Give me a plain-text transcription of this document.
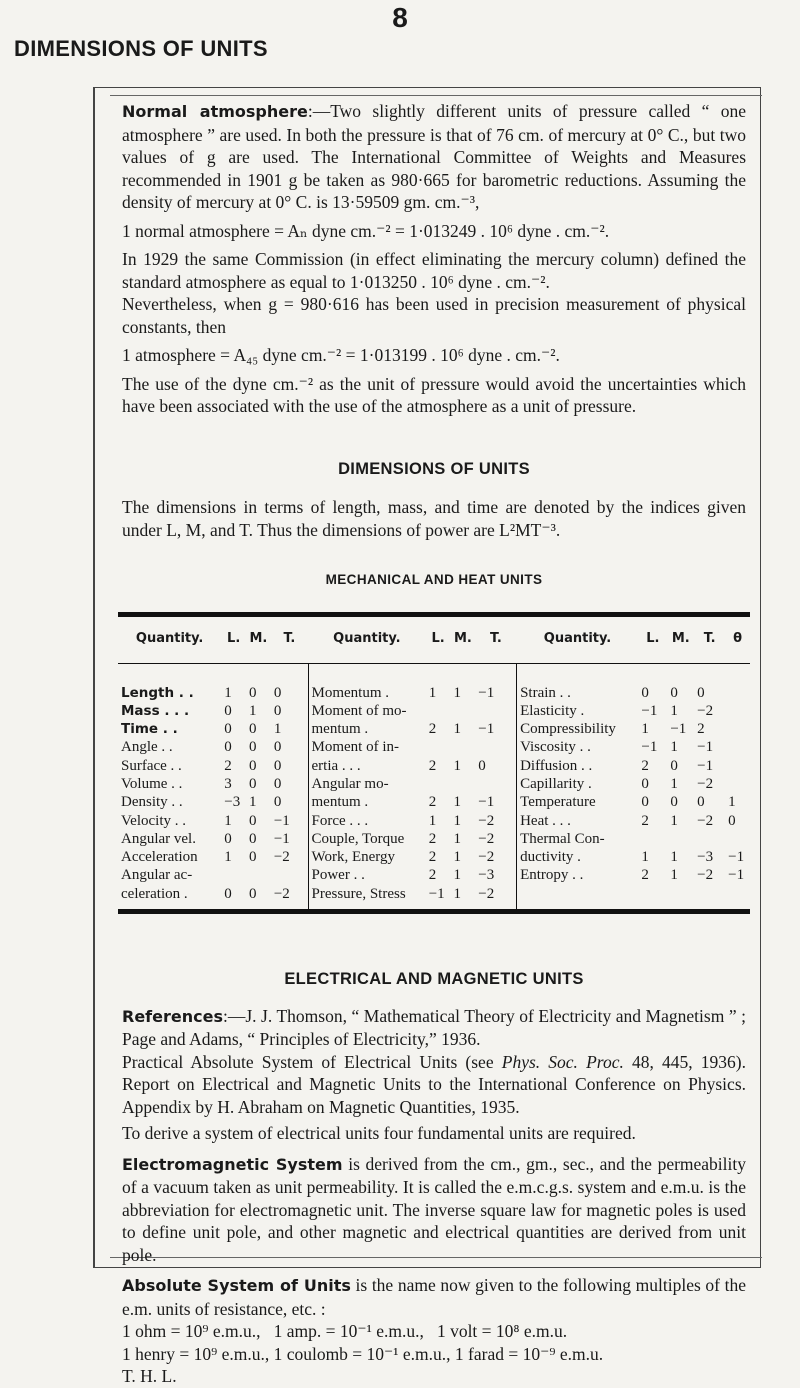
8
DIMENSIONS OF UNITS

Normal atmosphere:—Two slightly different units of pressure called “ one atmosphere ” are used. In both the pressure is that of 76 cm. of mercury at 0° C., but two values of g are used. The International Committee of Weights and Measures recommended in 1901 g be taken as 980·665 for barometric reductions. Assuming the density of mercury at 0° C. is 13·59509 gm. cm.⁻³,

1 normal atmosphere = Aₙ dyne cm.⁻² = 1·013249 . 10⁶ dyne . cm.⁻².

In 1929 the same Commission (in effect eliminating the mercury column) defined the standard atmosphere as equal to 1·013250 . 10⁶ dyne . cm.⁻².

Nevertheless, when g = 980·616 has been used in precision measurement of physical constants, then

1 atmosphere = A₄₅ dyne cm.⁻² = 1·013199 . 10⁶ dyne . cm.⁻².

The use of the dyne cm.⁻² as the unit of pressure would avoid the uncertainties which have been associated with the use of the atmosphere as a unit of pressure.

DIMENSIONS OF UNITS

The dimensions in terms of length, mass, and time are denoted by the indices given under L, M, and T. Thus the dimensions of power are L²MT⁻³.

MECHANICAL AND HEAT UNITS
Quantity.	L.	M.	T.	Quantity.	L.	M.	T.	Quantity.	L.	M.	T.	θ
Length . .	1	0	0	Momentum .	1	1	−1	Strain . .	0	0	0	
Mass . . .	0	1	0	Moment of mo-				Elasticity .	−1	1	−2	
Time . .	0	0	1	mentum .	2	1	−1	Compressibility	1	−1	2	
Angle . .	0	0	0	Moment of in-				Viscosity . .	−1	1	−1	
Surface . .	2	0	0	ertia . . .	2	1	0	Diffusion . .	2	0	−1	
Volume . .	3	0	0	Angular mo-				Capillarity .	0	1	−2	
Density . .	−3	1	0	mentum .	2	1	−1	Temperature	0	0	0	1
Velocity . .	1	0	−1	Force . . .	1	1	−2	Heat . . .	2	1	−2	0
Angular vel.	0	0	−1	Couple, Torque	2	1	−2	Thermal Con-				
Acceleration	1	0	−2	Work, Energy	2	1	−2	ductivity .	1	1	−3	−1
Angular ac-				Power . .	2	1	−3	Entropy . .	2	1	−2	−1
celeration .	0	0	−2	Pressure, Stress	−1	1	−2					
ELECTRICAL AND MAGNETIC UNITS

References:—J. J. Thomson, “ Mathematical Theory of Electricity and Magnetism ” ; Page and Adams, “ Principles of Electricity,” 1936.

Practical Absolute System of Electrical Units (see Phys. Soc. Proc. 48, 445, 1936). Report on Electrical and Magnetic Units to the International Conference on Physics. Appendix by H. Abraham on Magnetic Quantities, 1935.

To derive a system of electrical units four fundamental units are required.

Electromagnetic System is derived from the cm., gm., sec., and the permeability of a vacuum taken as unit permeability. It is called the e.m.c.g.s. system and e.m.u. is the abbreviation for electromagnetic unit. The inverse square law for magnetic poles is used to define unit pole, and other magnetic and electrical quantities are derived from unit pole.

Absolute System of Units is the name now given to the following multiples of the e.m. units of resistance, etc. :

1 ohm = 10⁹ e.m.u.,   1 amp. = 10⁻¹ e.m.u.,   1 volt = 10⁸ e.m.u.

1 henry = 10⁹ e.m.u., 1 coulomb = 10⁻¹ e.m.u., 1 farad = 10⁻⁹ e.m.u.

T. H. L.
